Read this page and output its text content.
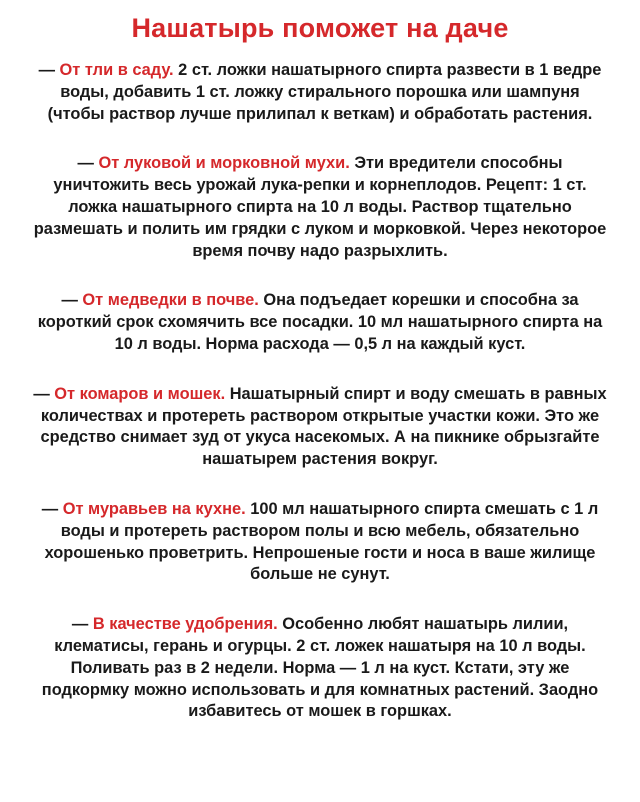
Нашатырь поможет на даче

— От тли в саду. 2 ст. ложки нашатырного спирта развести в 1 ведре воды, добавить 1 ст. ложку стирального порошка или шампуня (чтобы раствор лучше прилипал к веткам) и обработать растения.

— От луковой и морковной мухи. Эти вредители способны уничтожить весь урожай лука-репки и корнеплодов. Рецепт: 1 ст. ложка нашатырного спирта на 10 л воды. Раствор тщательно размешать и полить им грядки с луком и морковкой. Через некоторое время почву надо разрыхлить.

— От медведки в почве. Она подъедает корешки и способна за короткий срок схомячить все посадки. 10 мл нашатырного спирта на 10 л воды. Норма расхода — 0,5 л на каждый куст.

— От комаров и мошек. Нашатырный спирт и воду смешать в равных количествах и протереть раствором открытые участки кожи. Это же средство снимает зуд от укуса насекомых. А на пикнике обрызгайте нашатырем растения вокруг.

— От муравьев на кухне. 100 мл нашатырного спирта смешать с 1 л воды и протереть раствором полы и всю мебель, обязательно хорошенько проветрить. Непрошеные гости и носа в ваше жилище больше не сунут.

— В качестве удобрения. Особенно любят нашатырь лилии, клематисы, герань и огурцы. 2 ст. ложек нашатыря на 10 л воды. Поливать раз в 2 недели. Норма — 1 л на куст. Кстати, эту же подкормку можно использовать и для комнатных растений. Заодно избавитесь от мошек в горшках.
